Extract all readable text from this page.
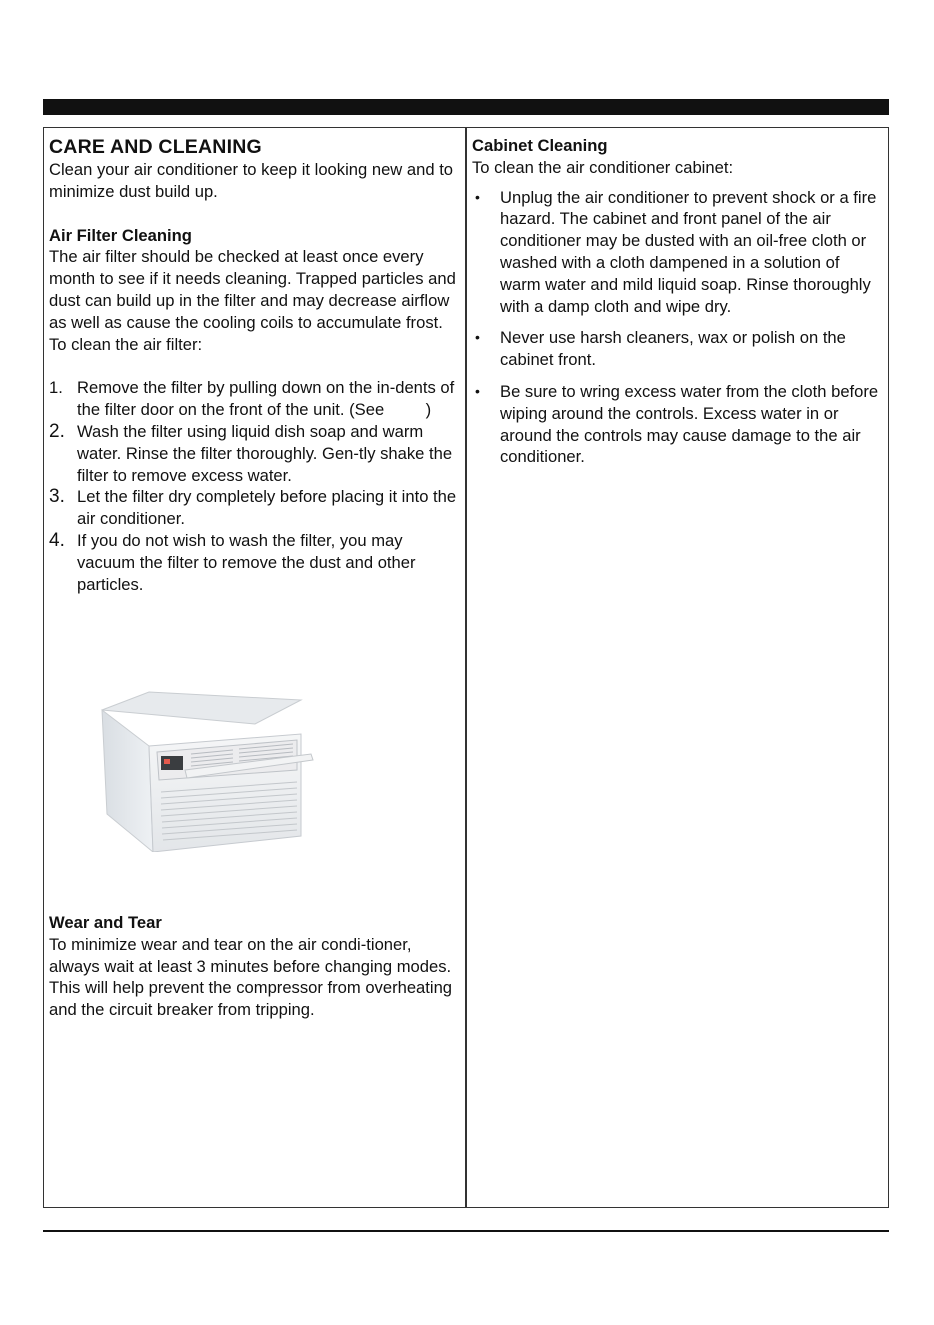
CARE AND CLEANING

Clean your air conditioner to keep it looking new and to minimize dust build up.

Air Filter Cleaning

The air filter should be checked at least once every month to see if it needs cleaning. Trapped particles and dust can build up in the filter and may decrease airflow as well as cause the cooling coils to accumulate frost. To clean the air filter:

1. Remove the filter by pulling down on the in-dents of the filter door on the front of the unit. (See         )
2. Wash the filter using liquid dish soap and warm water. Rinse the filter thoroughly. Gen-tly shake the filter to remove excess water.
3. Let the filter dry completely before placing it into the air conditioner.
4. If you do not wish to wash the filter, you may vacuum the filter to remove the dust and other particles.
Wear and Tear

To minimize wear and tear on the air condi-tioner, always wait at least 3 minutes before changing modes. This will help prevent the compressor from overheating and the circuit breaker from tripping.

Cabinet Cleaning

To clean the air conditioner cabinet:

• Unplug the air conditioner to prevent shock or a fire hazard. The cabinet and front panel of the air conditioner may be dusted with an oil-free cloth or washed with a cloth dampened in a solution of warm water and mild liquid soap. Rinse thoroughly with a damp cloth and wipe dry.
• Never use harsh cleaners, wax or polish on the cabinet front.
• Be sure to wring excess water from the cloth before wiping around the controls. Excess water in or around the controls may cause damage to the air conditioner.
